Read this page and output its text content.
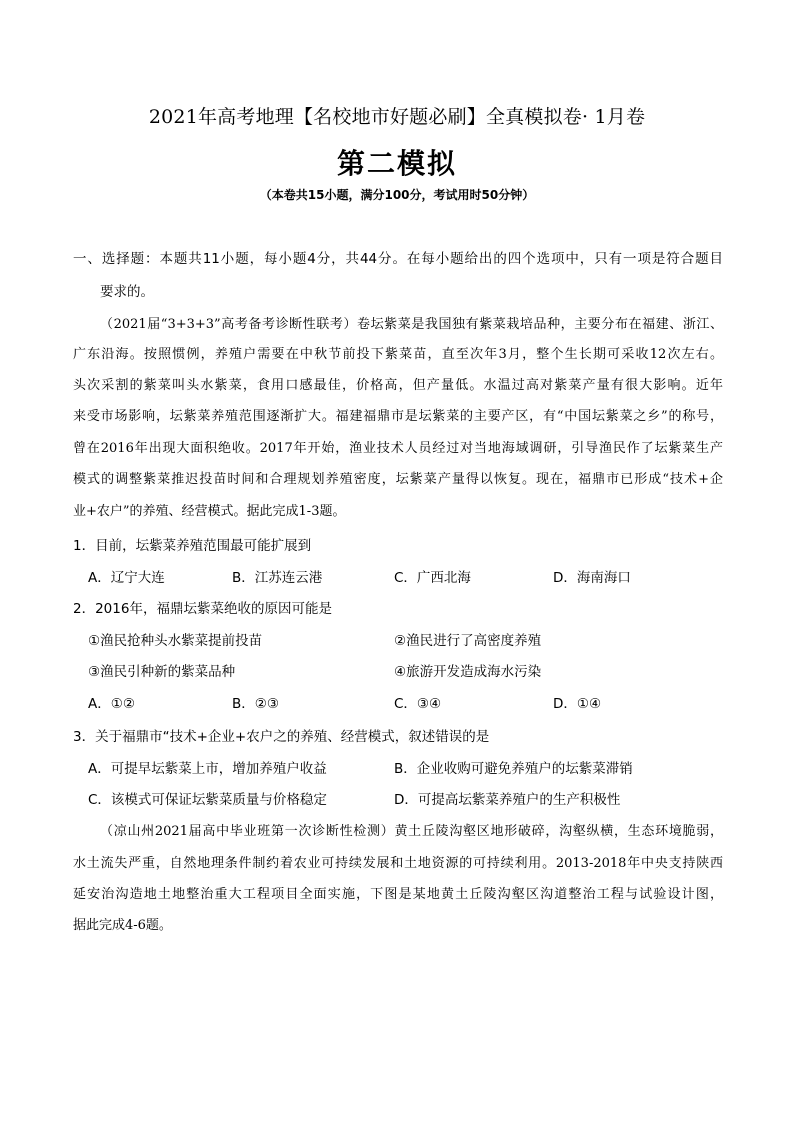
2021年高考地理【名校地市好题必刷】全真模拟卷· 1月卷
第二模拟
（本卷共15小题，满分100分，考试用时50分钟）
一、选择题：本题共11小题，每小题4分，共44分。在每小题给出的四个选项中，只有一项是符合题目
要求的。
（2021届“3+3+3”高考备考诊断性联考）卷坛紫菜是我国独有紫菜栽培品种，主要分布在福建、浙江、
广东沿海。按照惯例，养殖户需要在中秋节前投下紫菜苗，直至次年3月，整个生长期可采收12次左右。
头次采割的紫菜叫头水紫菜，食用口感最佳，价格高，但产量低。水温过高对紫菜产量有很大影响。近年
来受市场影响，坛紫菜养殖范围逐渐扩大。福建福鼎市是坛紫菜的主要产区，有“中国坛紫菜之乡”的称号，
曾在2016年出现大面积绝收。2017年开始，渔业技术人员经过对当地海域调研，引导渔民作了坛紫菜生产
模式的调整紫菜推迟投苗时间和合理规划养殖密度，坛紫菜产量得以恢复。现在，福鼎市已形成“技术+企
业+农户”的养殖、经营模式。据此完成1-3题。
1．目前，坛紫菜养殖范围最可能扩展到
A．辽宁大连	B．江苏连云港	C．广西北海	D．海南海口
2．2016年，福鼎坛紫菜绝收的原因可能是
①渔民抢种头水紫菜提前投苗	②渔民进行了高密度养殖
③渔民引种新的紫菜品种	④旅游开发造成海水污染
A．①②	B．②③	C．③④	D．①④
3．关于福鼎市“技术+企业+农户之的养殖、经营模式，叙述错误的是
A．可提早坛紫菜上市，增加养殖户收益	B．企业收购可避免养殖户的坛紫菜滞销
C．该模式可保证坛紫菜质量与价格稳定	D．可提高坛紫菜养殖户的生产积极性
（凉山州2021届高中毕业班第一次诊断性检测）黄土丘陵沟壑区地形破碎，沟壑纵横，生态环境脆弱，
水土流失严重，自然地理条件制约着农业可持续发展和土地资源的可持续利用。2013-2018年中央支持陕西
延安治沟造地土地整治重大工程项目全面实施，下图是某地黄土丘陵沟壑区沟道整治工程与试验设计图，
据此完成4-6题。
